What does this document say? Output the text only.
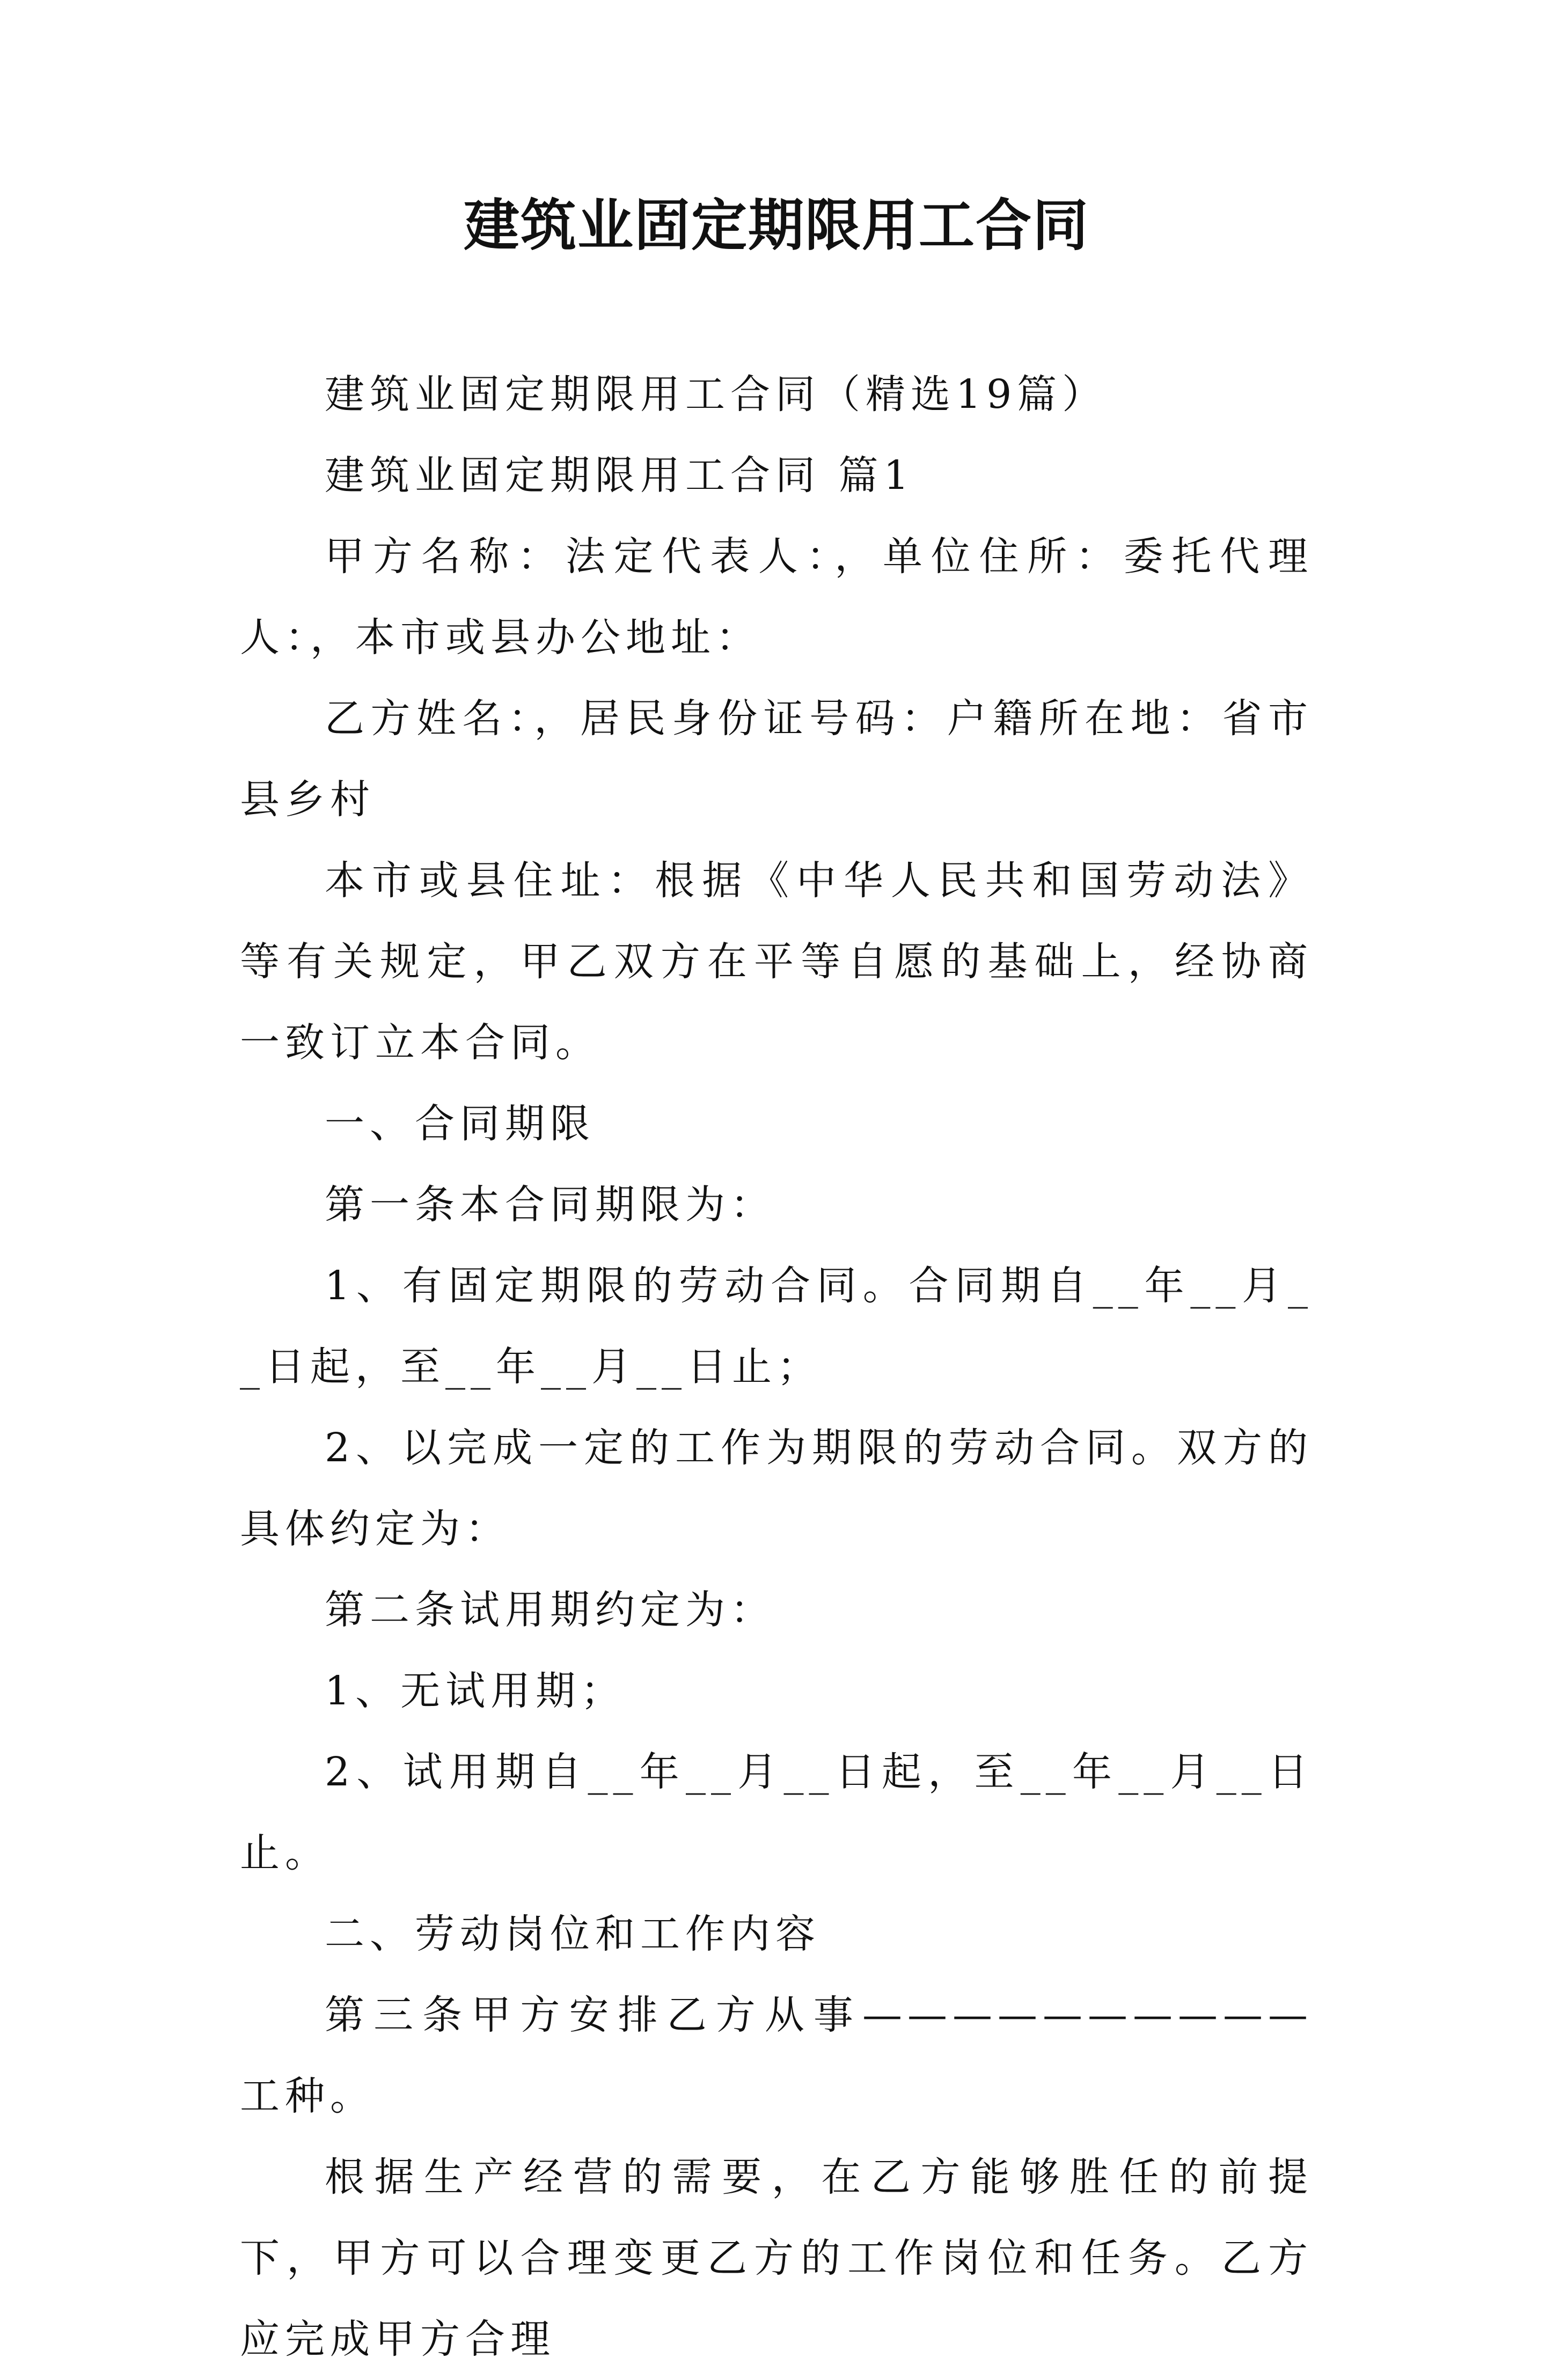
建筑业固定期限用工合同

建筑业固定期限用工合同（精选19篇）

建筑业固定期限用工合同 篇1

甲方名称：法定代表人：，单位住所：委托代理人：，本市或县办公地址：

乙方姓名：，居民身份证号码：户籍所在地：省市县乡村

本市或县住址：根据《中华人民共和国劳动法》等有关规定，甲乙双方在平等自愿的基础上，经协商一致订立本合同。

一、合同期限

第一条本合同期限为：

1、有固定期限的劳动合同。合同期自__年__月__日起，至__年__月__日止；

2、以完成一定的工作为期限的劳动合同。双方的具体约定为：

第二条试用期约定为：

1、无试用期；

2、试用期自__年__月__日起，至__年__月__日止。

二、劳动岗位和工作内容

第三条甲方安排乙方从事——————————工种。

根据生产经营的需要，在乙方能够胜任的前提下，甲方可以合理变更乙方的工作岗位和任务。乙方应完成甲方合理
